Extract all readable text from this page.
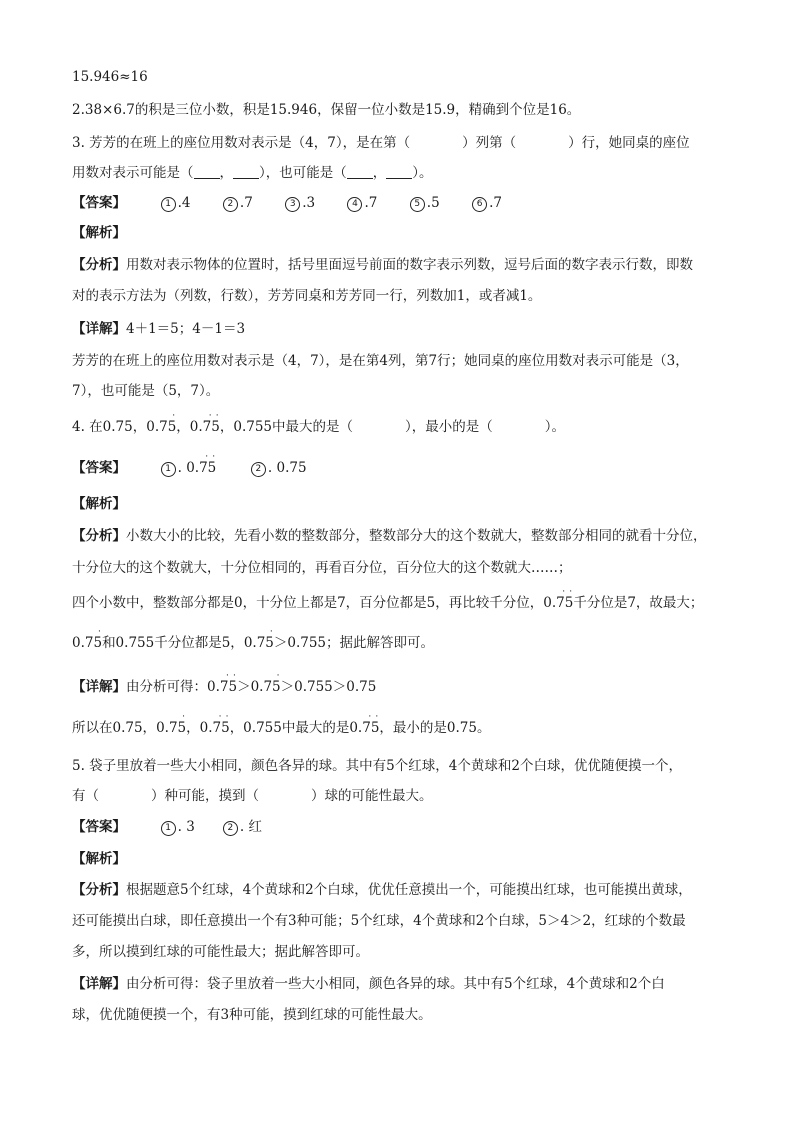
15.946≈16
2.38×6.7的积是三位小数，积是15.946，保留一位小数是15.9，精确到个位是16。
3. 芳芳的在班上的座位用数对表示是（4，7），是在第（	）列第（	）行，她同桌的座位
用数对表示可能是（ ， ），也可能是（ ， ）。
【答案】	1 .4	2 .7	3 .3	4 .7	5 .5	6 .7
【解析】
【分析】用数对表示物体的位置时，括号里面逗号前面的数字表示列数，逗号后面的数字表示行数，即数
对的表示方法为（列数，行数），芳芳同桌和芳芳同一行，列数加1，或者减1。
【详解】4＋1＝5；4－1＝3
芳芳的在班上的座位用数对表示是（4，7），是在第4列，第7行；她同桌的座位用数对表示可能是（3，
7），也可能是（5，7）。
4. 在0.75，0.75
·
，0.75
· ·
，0.755中最大的是（	），最小的是（	）。
【答案】	1 . 0.75
· ·
2 . 0.75
【解析】
【分析】小数大小的比较，先看小数的整数部分，整数部分大的这个数就大，整数部分相同的就看十分位，
十分位大的这个数就大，十分位相同的，再看百分位，百分位大的这个数就大……；
四个小数中，整数部分都是0，十分位上都是7，百分位都是5，再比较千分位，0.75
· ·
千分位是7，故最大；
0.75
·
和0.755千分位都是5，0.75
·
＞0.755；据此解答即可。
【详解】由分析可得：0.75
· ·
＞0.75
·
＞0.755＞0.75
所以在0.75，0.75
·
，0.75
· ·
，0.755中最大的是0.75
· ·
，最小的是0.75。
5. 袋子里放着一些大小相同，颜色各异的球。其中有5个红球，4个黄球和2个白球，优优随便摸一个，
有（	）种可能，摸到（	）球的可能性最大。
【答案】	1 . 3	2 . 红
【解析】
【分析】根据题意5个红球，4个黄球和2个白球，优优任意摸出一个，可能摸出红球，也可能摸出黄球，
还可能摸出白球，即任意摸出一个有3种可能；5个红球，4个黄球和2个白球，5＞4＞2，红球的个数最
多，所以摸到红球的可能性最大；据此解答即可。
【详解】由分析可得：袋子里放着一些大小相同，颜色各异的球。其中有5个红球，4个黄球和2个白
球，优优随便摸一个，有3种可能，摸到红球的可能性最大。
